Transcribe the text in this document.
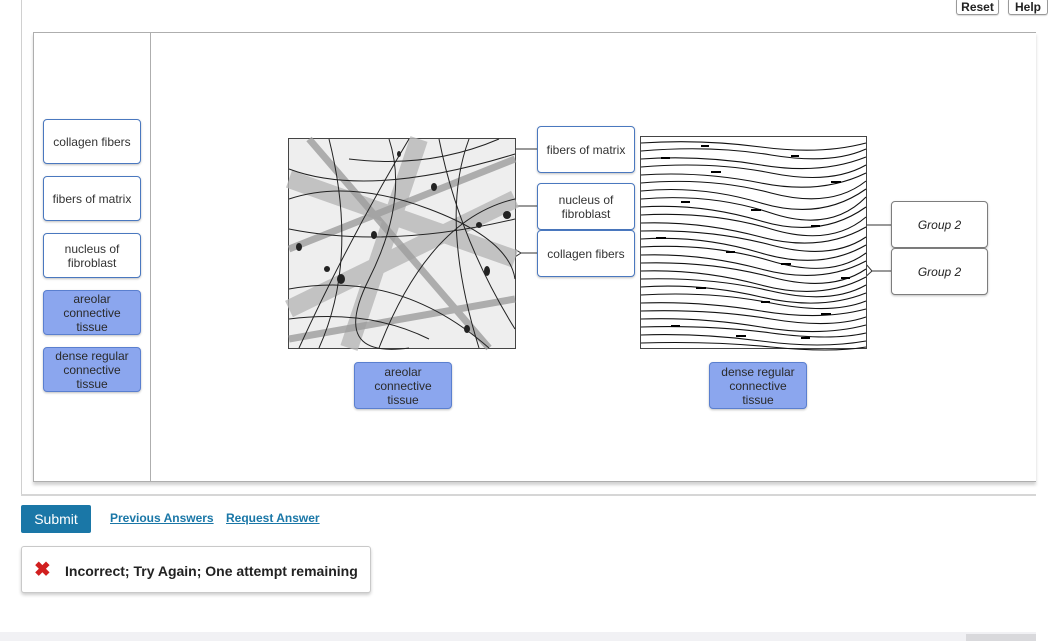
Reset	Help
collagen fibers
fibers of matrix
nucleus of fibroblast
areolar connective tissue
dense regular connective tissue
fibers of matrix
nucleus of fibroblast
collagen fibers
areolar connective tissue
Group 2
Group 2
dense regular connective tissue
Submit	Previous Answers Request Answer
✖ Incorrect; Try Again; One attempt remaining
